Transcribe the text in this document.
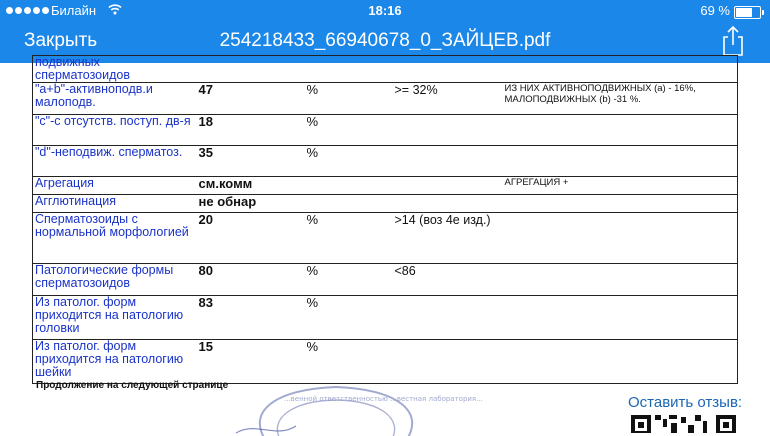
Билайн	18:16	69 %
Закрыть	254218433_66940678_0_ЗАЙЦЕВ.pdf
подвижных сперматозоидов				
"a+b"-активноподв.и малоподв.	47	%	>= 32%	ИЗ НИХ АКТИВНОПОДВИЖНЫХ (а) - 16%, МАЛОПОДВИЖНЫХ (b) -31 %.
"c"-с отсутств. поступ. дв-я	18	%		
"d"-неподвиж. сперматоз.	35	%		
Агрегация	см.комм			АГРЕГАЦИЯ +
Агглютинация	не обнар			
Сперматозоиды с нормальной морфологией	20	%	>14 (воз 4е изд.)	
Патологические формы сперматозоидов	80	%	<86	
Из патолог. форм приходится на патологию головки	83	%		
Из патолог. форм приходится на патологию шейки	15	%		
Продолжение на следующей странице
...венной ответственностью ...вестная лаборатория...	Оставить отзыв:
